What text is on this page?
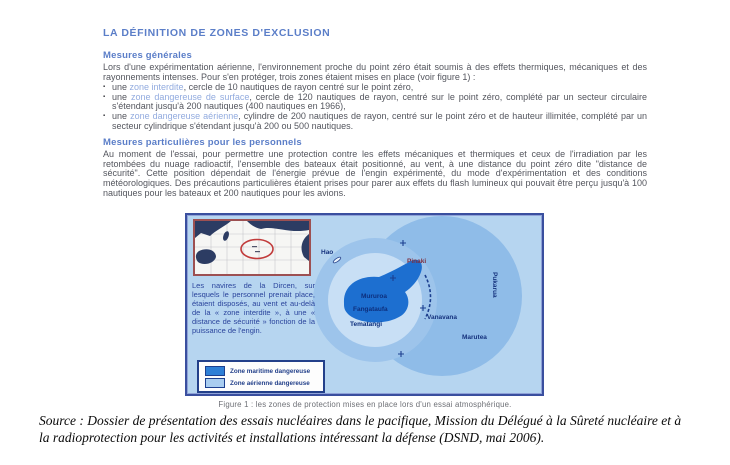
LA DÉFINITION DE ZONES D'EXCLUSION
Mesures générales
Lors d'une expérimentation aérienne, l'environnement proche du point zéro était soumis à des effets thermiques, mécaniques et des rayonnements intenses. Pour s'en protéger, trois zones étaient mises en place (voir figure 1) :
▪ une zone interdite, cercle de 10 nautiques de rayon centré sur le point zéro,
▪ une zone dangereuse de surface, cercle de 120 nautiques de rayon, centré sur le point zéro, complété par un secteur circulaire s'étendant jusqu'à 200 nautiques (400 nautiques en 1966),
▪ une zone dangereuse aérienne, cylindre de 200 nautiques de rayon, centré sur le point zéro et de hauteur illimitée, complété par un secteur cylindrique s'étendant jusqu'à 200 ou 500 nautiques.
Mesures particulières pour les personnels
Au moment de l'essai, pour permettre une protection contre les effets mécaniques et thermiques et ceux de l'irradiation par les retombées du nuage radioactif, l'ensemble des bateaux était positionné, au vent, à une distance du point zéro dite "distance de sécurité". Cette position dépendait de l'énergie prévue de l'engin expérimenté, du mode d'expérimentation et des conditions météorologiques. Des précautions particulières étaient prises pour parer aux effets du flash lumineux qui pouvait être perçu jusqu'à 100 nautiques pour les bateaux et 200 nautiques pour les avions.
Hao
Pinaki
Vanavana
Marutea
Pukarua
Mururoa
Fangataufa
Tematangi
Les navires de la Dircen, sur lesquels le personnel prenait place, étaient disposés, au vent et au-delà de la « zone interdite », à une « distance de sécurité » fonction de la puissance de l'engin.
Zone maritime dangereuse
Zone aérienne dangereuse
Figure 1 : les zones de protection mises en place lors d'un essai atmosphérique.
Source : Dossier de présentation des essais nucléaires dans le pacifique, Mission du Délégué à la Sûreté nucléaire et à
la radioprotection pour les activités et installations intéressant la défense (DSND, mai 2006).
